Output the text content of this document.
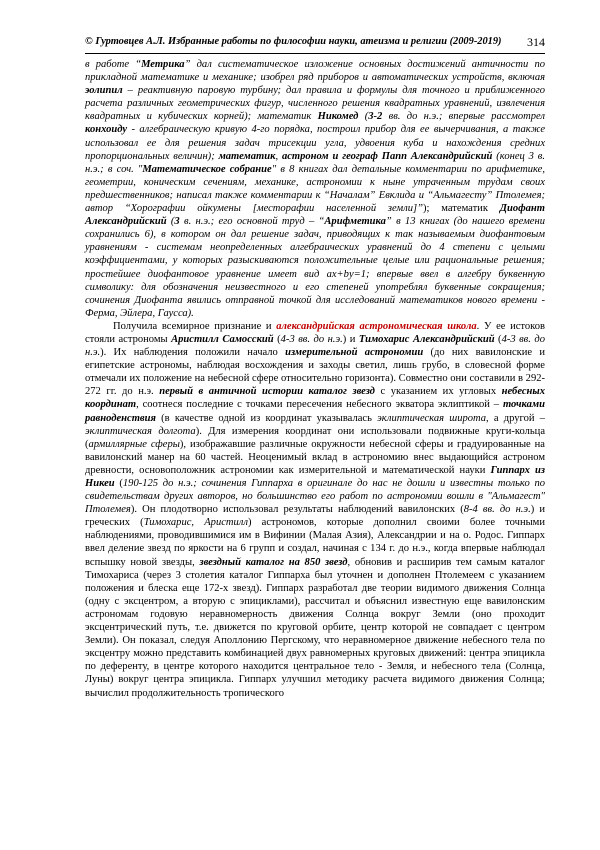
© Гуртовцев А.Л. Избранные работы по философии науки, атеизма и религии (2009-2019) 314

в работе “Метрика” дал систематическое изложение основных достижений античности по прикладной математике и механике; изобрел ряд приборов и автоматических устройств, включая эолипил – реактивную паровую турбину; дал правила и формулы для точного и приближенного расчета различных геометрических фигур, численного решения квадратных уравнений, извлечения квадратных и кубических корней); математик Никомед (3-2 вв. до н.э.; впервые рассмотрел конхоиду - алгебраическую кривую 4-го порядка, построил прибор для ее вычерчивания, а также использовал ее для решения задач трисекции угла, удвоения куба и нахождения средних пропорциональных величин); математик, астроном и географ Папп Александрийский (конец 3 в. н.э.; в соч. "Математическое собрание" в 8 книгах дал детальные комментарии по арифметике, геометрии, коническим сечениям, механике, астрономии к ныне утраченным трудам своих предшественников; написал также комментарии к “Началам” Евклида и “Альмагесту” Птолемея; автор “Хорографии ойкумены [месторафии населенной земли]”); математик Диофант Александрийский (3 в. н.э.; его основной труд – “Арифметика” в 13 книгах (до нашего времени сохранились 6), в котором он дал решение задач, приводящих к так называемым диофантовым уравнениям - системам неопределенных алгебраических уравнений до 4 степени с целыми коэффициентами, у которых разыскиваются положительные целые или рациональные решения; простейшее диофантовое уравнение имеет вид ax+by=1; впервые ввел в алгебру буквенную символику: для обозначения неизвестного и его степеней употреблял буквенные сокращения; сочинения Диофанта явились отправной точкой для исследований математиков нового времени - Ферма, Эйлера, Гаусса).

Получила всемирное признание и александрийская астрономическая школа. У ее истоков стояли астрономы Аристилл Самосский (4-3 вв. до н.э.) и Тимохарис Александрийский (4-3 вв. до н.э.). Их наблюдения положили начало измерительной астрономии (до них вавилонские и египетские астрономы, наблюдая восхождения и заходы светил, лишь грубо, в словесной форме отмечали их положение на небесной сфере относительно горизонта). Совместно они составили в 292-272 гг. до н.э. первый в античной истории каталог звезд с указанием их угловых небесных координат, соотнеся последние с точками пересечения небесного экватора эклиптикой – точками равноденствия (в качестве одной из координат указывалась эклиптическая широта, а другой – эклиптическая долгота). Для измерения координат они использовали подвижные круги-кольца (армиллярные сферы), изображавшие различные окружности небесной сферы и градуированные на вавилонский манер на 60 частей. Неоценимый вклад в астрономию внес выдающийся астроном древности, основоположник астрономии как измерительной и математической науки Гиппарх из Никеи (190-125 до н.э.; сочинения Гиппарха в оригинале до нас не дошли и известны только по свидетельствам других авторов, но большинство его работ по астрономии вошли в "Альмагест" Птолемея). Он плодотворно использовал результаты наблюдений вавилонских (8-4 вв. до н.э.) и греческих (Тимохарис, Аристилл) астрономов, которые дополнил своими более точными наблюдениями, проводившимися им в Вифинии (Малая Азия), Александрии и на о. Родос. Гиппарх ввел деление звезд по яркости на 6 групп и создал, начиная с 134 г. до н.э., когда впервые наблюдал вспышку новой звезды, звездный каталог на 850 звезд, обновив и расширив тем самым каталог Тимохариса (через 3 столетия каталог Гиппарха был уточнен и дополнен Птолемеем с указанием положения и блеска еще 172-х звезд). Гиппарх разработал две теории видимого движения Солнца (одну с эксцентром, а вторую с эпициклами), рассчитал и объяснил известную еще вавилонским астрономам годовую неравномерность движения Солнца вокруг Земли (оно проходит эксцентрический путь, т.е. движется по круговой орбите, центр которой не совпадает с центром Земли). Он показал, следуя Аполлонию Пергскому, что неравномерное движение небесного тела по эксцентру можно представить комбинацией двух равномерных круговых движений: центра эпицикла по деференту, в центре которого находится центральное тело - Земля, и небесного тела (Солнца, Луны) вокруг центра эпицикла. Гиппарх улучшил методику расчета видимого движения Солнца; вычислил продолжительность тропического
